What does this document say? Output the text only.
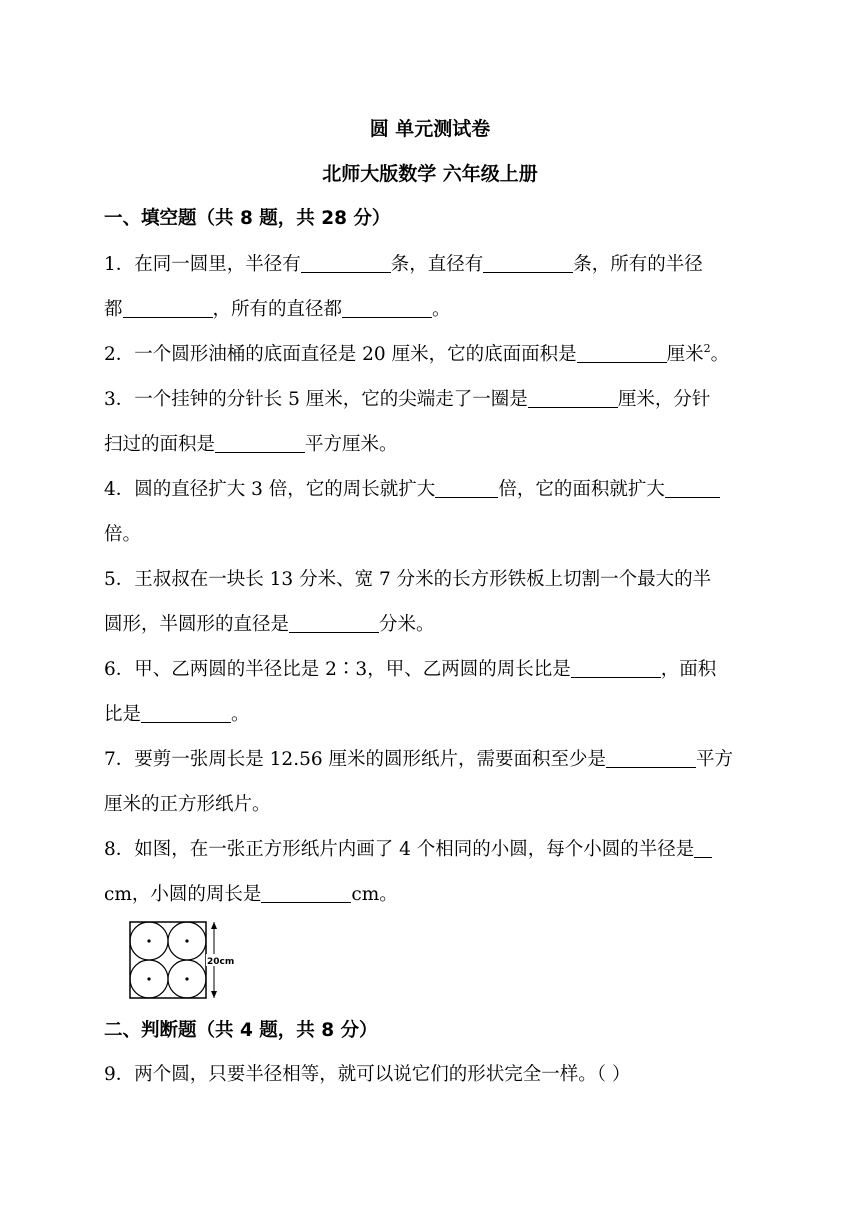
圆 单元测试卷
北师大版数学 六年级上册
一、填空题（共 8 题，共 28 分）
1．在同一圆里，半径有	条，直径有	条，所有的半径
都	，所有的直径都	。
2．一个圆形油桶的底面直径是 20 厘米，它的底面面积是	厘米$^2$。
3．一个挂钟的分针长 5 厘米，它的尖端走了一圈是	厘米，分针
扫过的面积是	平方厘米。
4．圆的直径扩大 3 倍，它的周长就扩大	倍，它的面积就扩大
倍。
5．王叔叔在一块长 13 分米、宽 7 分米的长方形铁板上切割一个最大的半
圆形，半圆形的直径是	分米。
6．甲、乙两圆的半径比是 2∶3，甲、乙两圆的周长比是	，面积
比是	。
7．要剪一张周长是 12.56 厘米的圆形纸片，需要面积至少是	平方
厘米的正方形纸片。
8．如图，在一张正方形纸片内画了 4 个相同的小圆，每个小圆的半径是
cm，小圆的周长是	cm。
20cm
二、判断题（共 4 题，共 8 分）
9．两个圆，只要半径相等，就可以说它们的形状完全一样。（ ）
